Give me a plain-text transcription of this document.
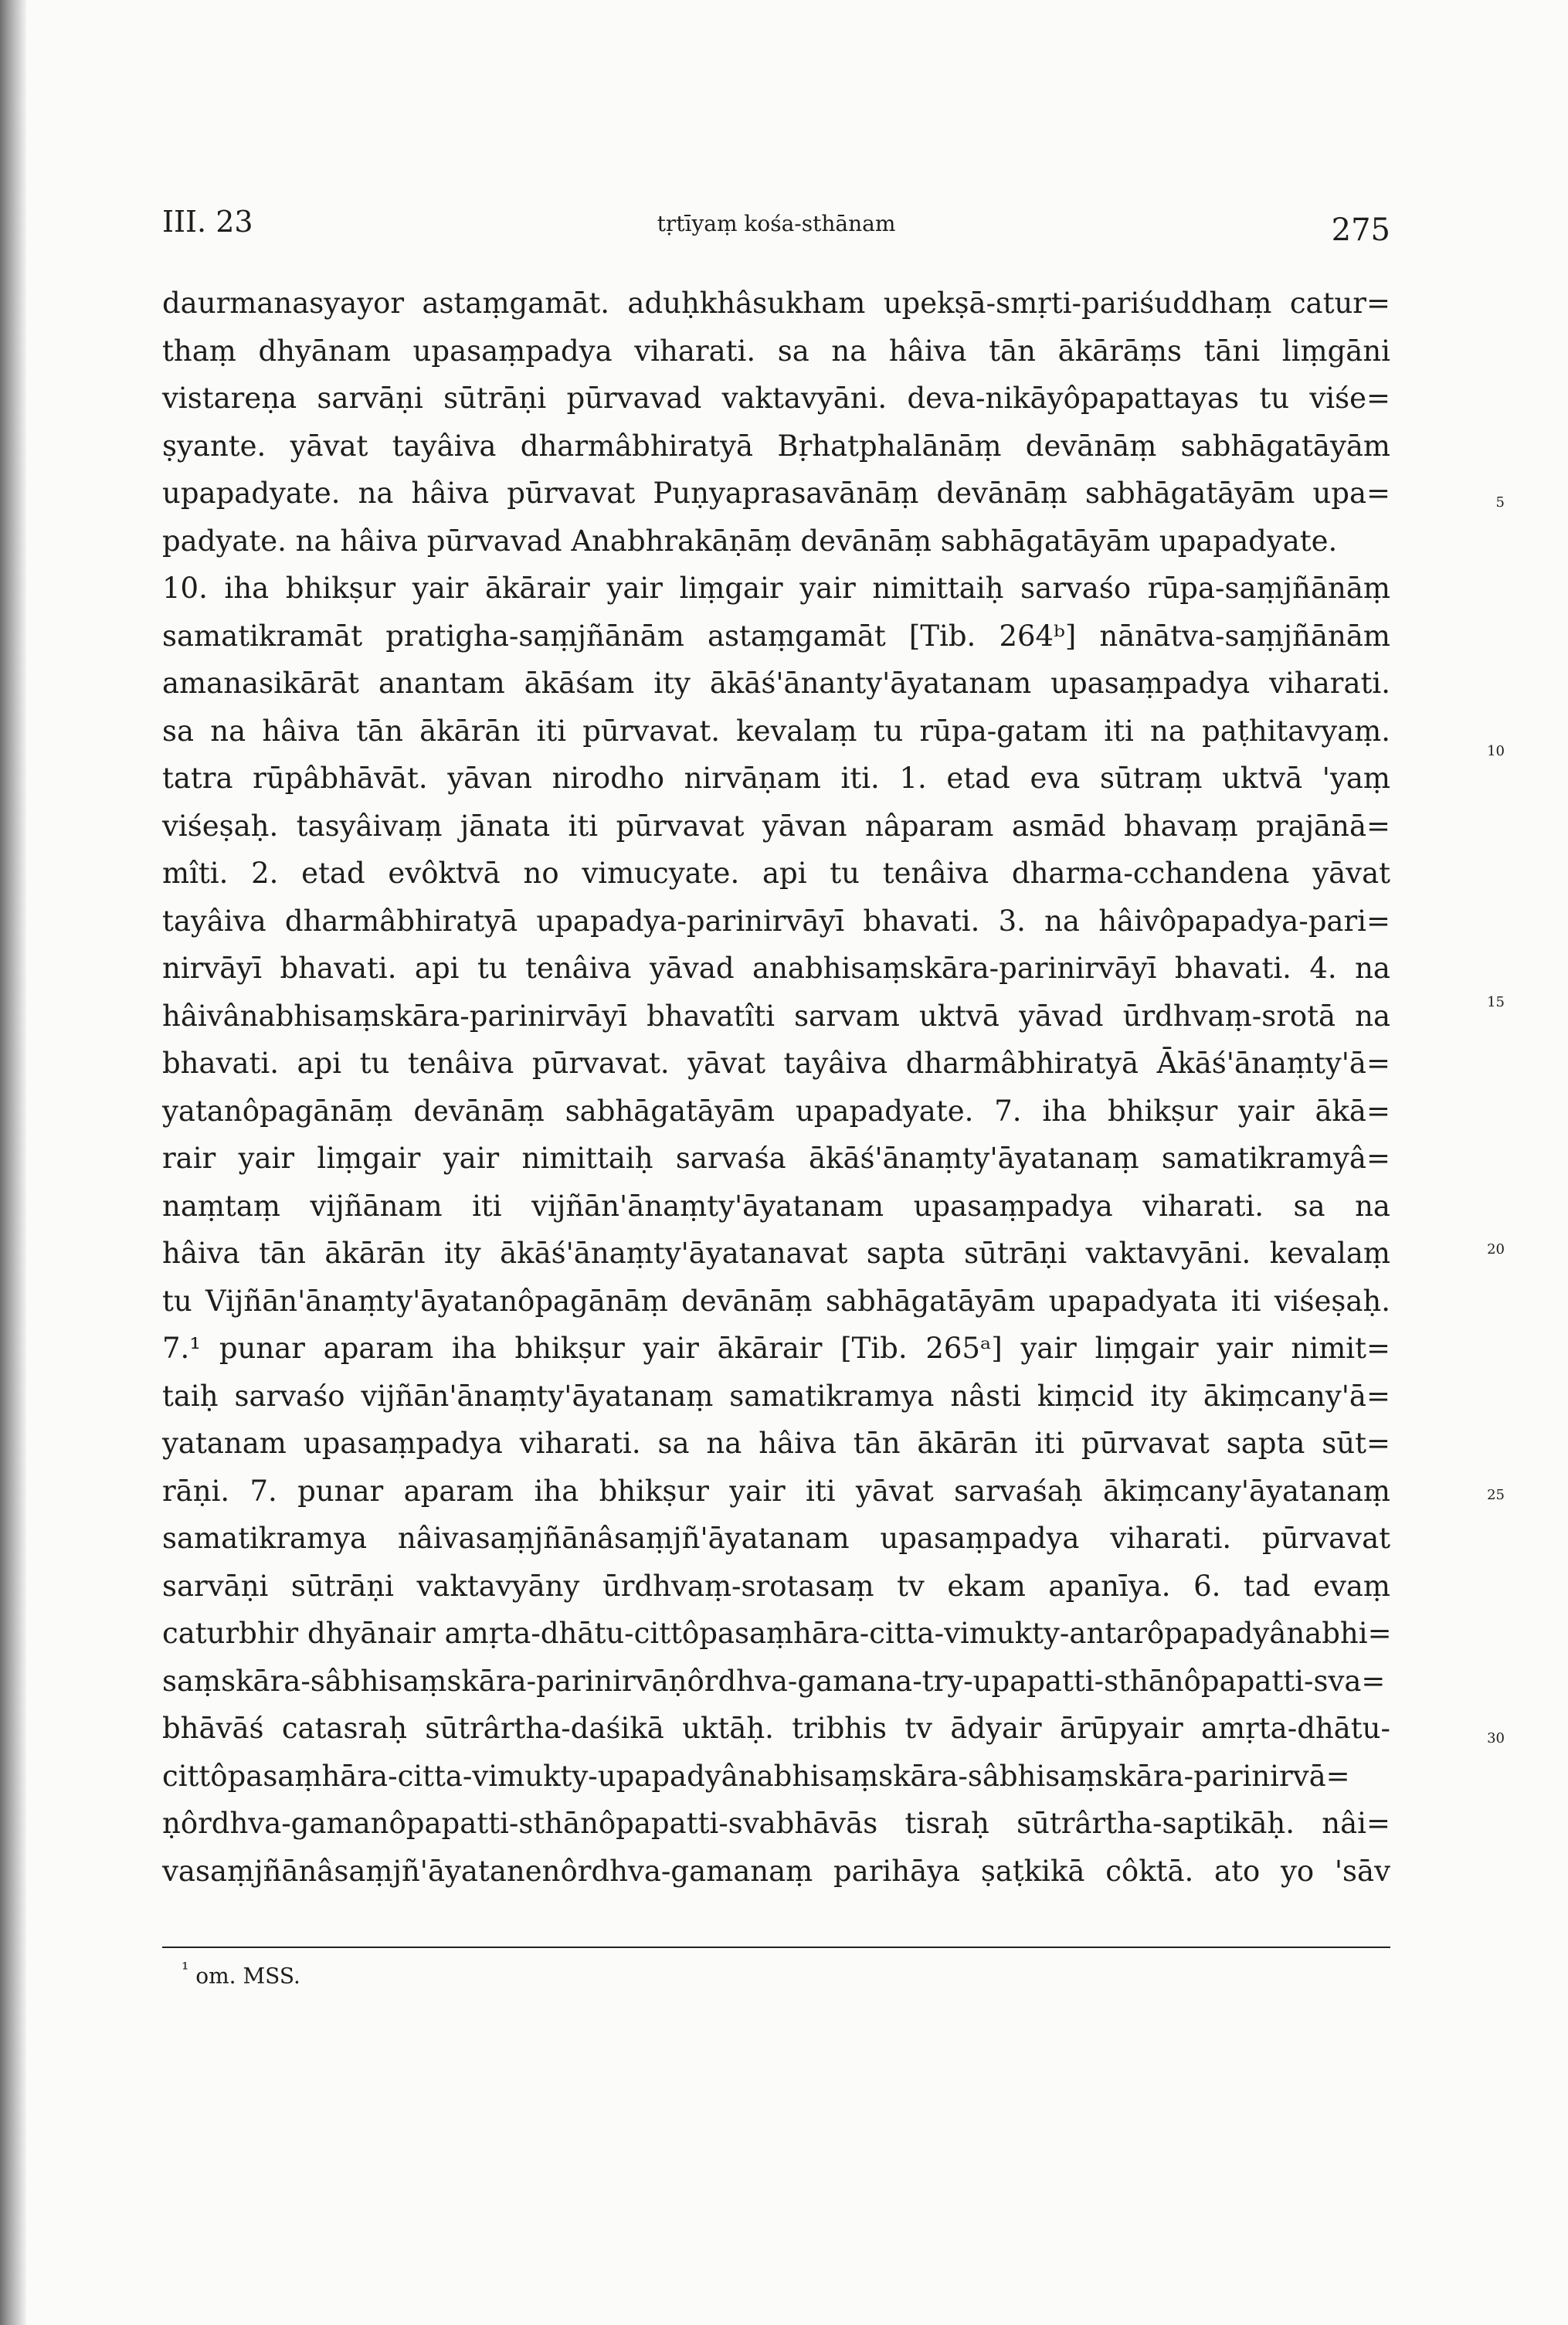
III. 23	tṛtīyaṃ kośa-sthānam	275
daurmanasyayor astaṃgamāt. aduḥkhâsukham upekṣā-smṛti-pariśuddhaṃ catur=
thaṃ dhyānam upasaṃpadya viharati. sa na hâiva tān ākārāṃs tāni liṃgāni
vistareṇa sarvāṇi sūtrāṇi pūrvavad vaktavyāni. deva-nikāyôpapattayas tu viśe=
ṣyante. yāvat tayâiva dharmâbhiratyā Bṛhatphalānāṃ devānāṃ sabhāgatāyām
upapadyate. na hâiva pūrvavat Puṇyaprasavānāṃ devānāṃ sabhāgatāyām upa=
padyate. na hâiva pūrvavad Anabhrakāṇāṃ devānāṃ sabhāgatāyām upapadyate.
10. iha bhikṣur yair ākārair yair liṃgair yair nimittaiḥ sarvaśo rūpa-saṃjñānāṃ
samatikramāt pratigha-saṃjñānām astaṃgamāt [Tib. 264ᵇ] nānātva-saṃjñānām
amanasikārāt anantam ākāśam ity ākāś'ānanty'āyatanam upasaṃpadya viharati.
sa na hâiva tān ākārān iti pūrvavat. kevalaṃ tu rūpa-gatam iti na paṭhitavyaṃ.
tatra rūpâbhāvāt. yāvan nirodho nirvāṇam iti. 1. etad eva sūtraṃ uktvā 'yaṃ
viśeṣaḥ. tasyâivaṃ jānata iti pūrvavat yāvan nâparam asmād bhavaṃ prajānā=
mîti. 2. etad evôktvā no vimucyate. api tu tenâiva dharma-cchandena yāvat
tayâiva dharmâbhiratyā upapadya-parinirvāyī bhavati. 3. na hâivôpapadya-pari=
nirvāyī bhavati. api tu tenâiva yāvad anabhisaṃskāra-parinirvāyī bhavati. 4. na
hâivânabhisaṃskāra-parinirvāyī bhavatîti sarvam uktvā yāvad ūrdhvaṃ-srotā na
bhavati. api tu tenâiva pūrvavat. yāvat tayâiva dharmâbhiratyā Ākāś'ānaṃty'ā=
yatanôpagānāṃ devānāṃ sabhāgatāyām upapadyate. 7. iha bhikṣur yair ākā=
rair yair liṃgair yair nimittaiḥ sarvaśa ākāś'ānaṃty'āyatanaṃ samatikramyâ=
naṃtaṃ vijñānam iti vijñān'ānaṃty'āyatanam upasaṃpadya viharati. sa na
hâiva tān ākārān ity ākāś'ānaṃty'āyatanavat sapta sūtrāṇi vaktavyāni. kevalaṃ
tu Vijñān'ānaṃty'āyatanôpagānāṃ devānāṃ sabhāgatāyām upapadyata iti viśeṣaḥ.
7.¹ punar aparam iha bhikṣur yair ākārair [Tib. 265ᵃ] yair liṃgair yair nimit=
taiḥ sarvaśo vijñān'ānaṃty'āyatanaṃ samatikramya nâsti kiṃcid ity ākiṃcany'ā=
yatanam upasaṃpadya viharati. sa na hâiva tān ākārān iti pūrvavat sapta sūt=
rāṇi. 7. punar aparam iha bhikṣur yair iti yāvat sarvaśaḥ ākiṃcany'āyatanaṃ
samatikramya nâivasaṃjñānâsaṃjñ'āyatanam upasaṃpadya viharati. pūrvavat
sarvāṇi sūtrāṇi vaktavyāny ūrdhvaṃ-srotasaṃ tv ekam apanīya. 6. tad evaṃ
caturbhir dhyānair amṛta-dhātu-cittôpasaṃhāra-citta-vimukty-antarôpapadyânabhi=
saṃskāra-sâbhisaṃskāra-parinirvāṇôrdhva-gamana-try-upapatti-sthānôpapatti-sva=
bhāvāś catasraḥ sūtrârtha-daśikā uktāḥ. tribhis tv ādyair ārūpyair amṛta-dhātu-
cittôpasaṃhāra-citta-vimukty-upapadyânabhisaṃskāra-sâbhisaṃskāra-parinirvā=
ṇôrdhva-gamanôpapatti-sthānôpapatti-svabhāvās tisraḥ sūtrârtha-saptikāḥ. nâi=
vasaṃjñānâsaṃjñ'āyatanenôrdhva-gamanaṃ parihāya ṣaṭkikā côktā. ato yo 'sāv
5
10
15
20
25
30
$^{^1}$ om. MSS.
